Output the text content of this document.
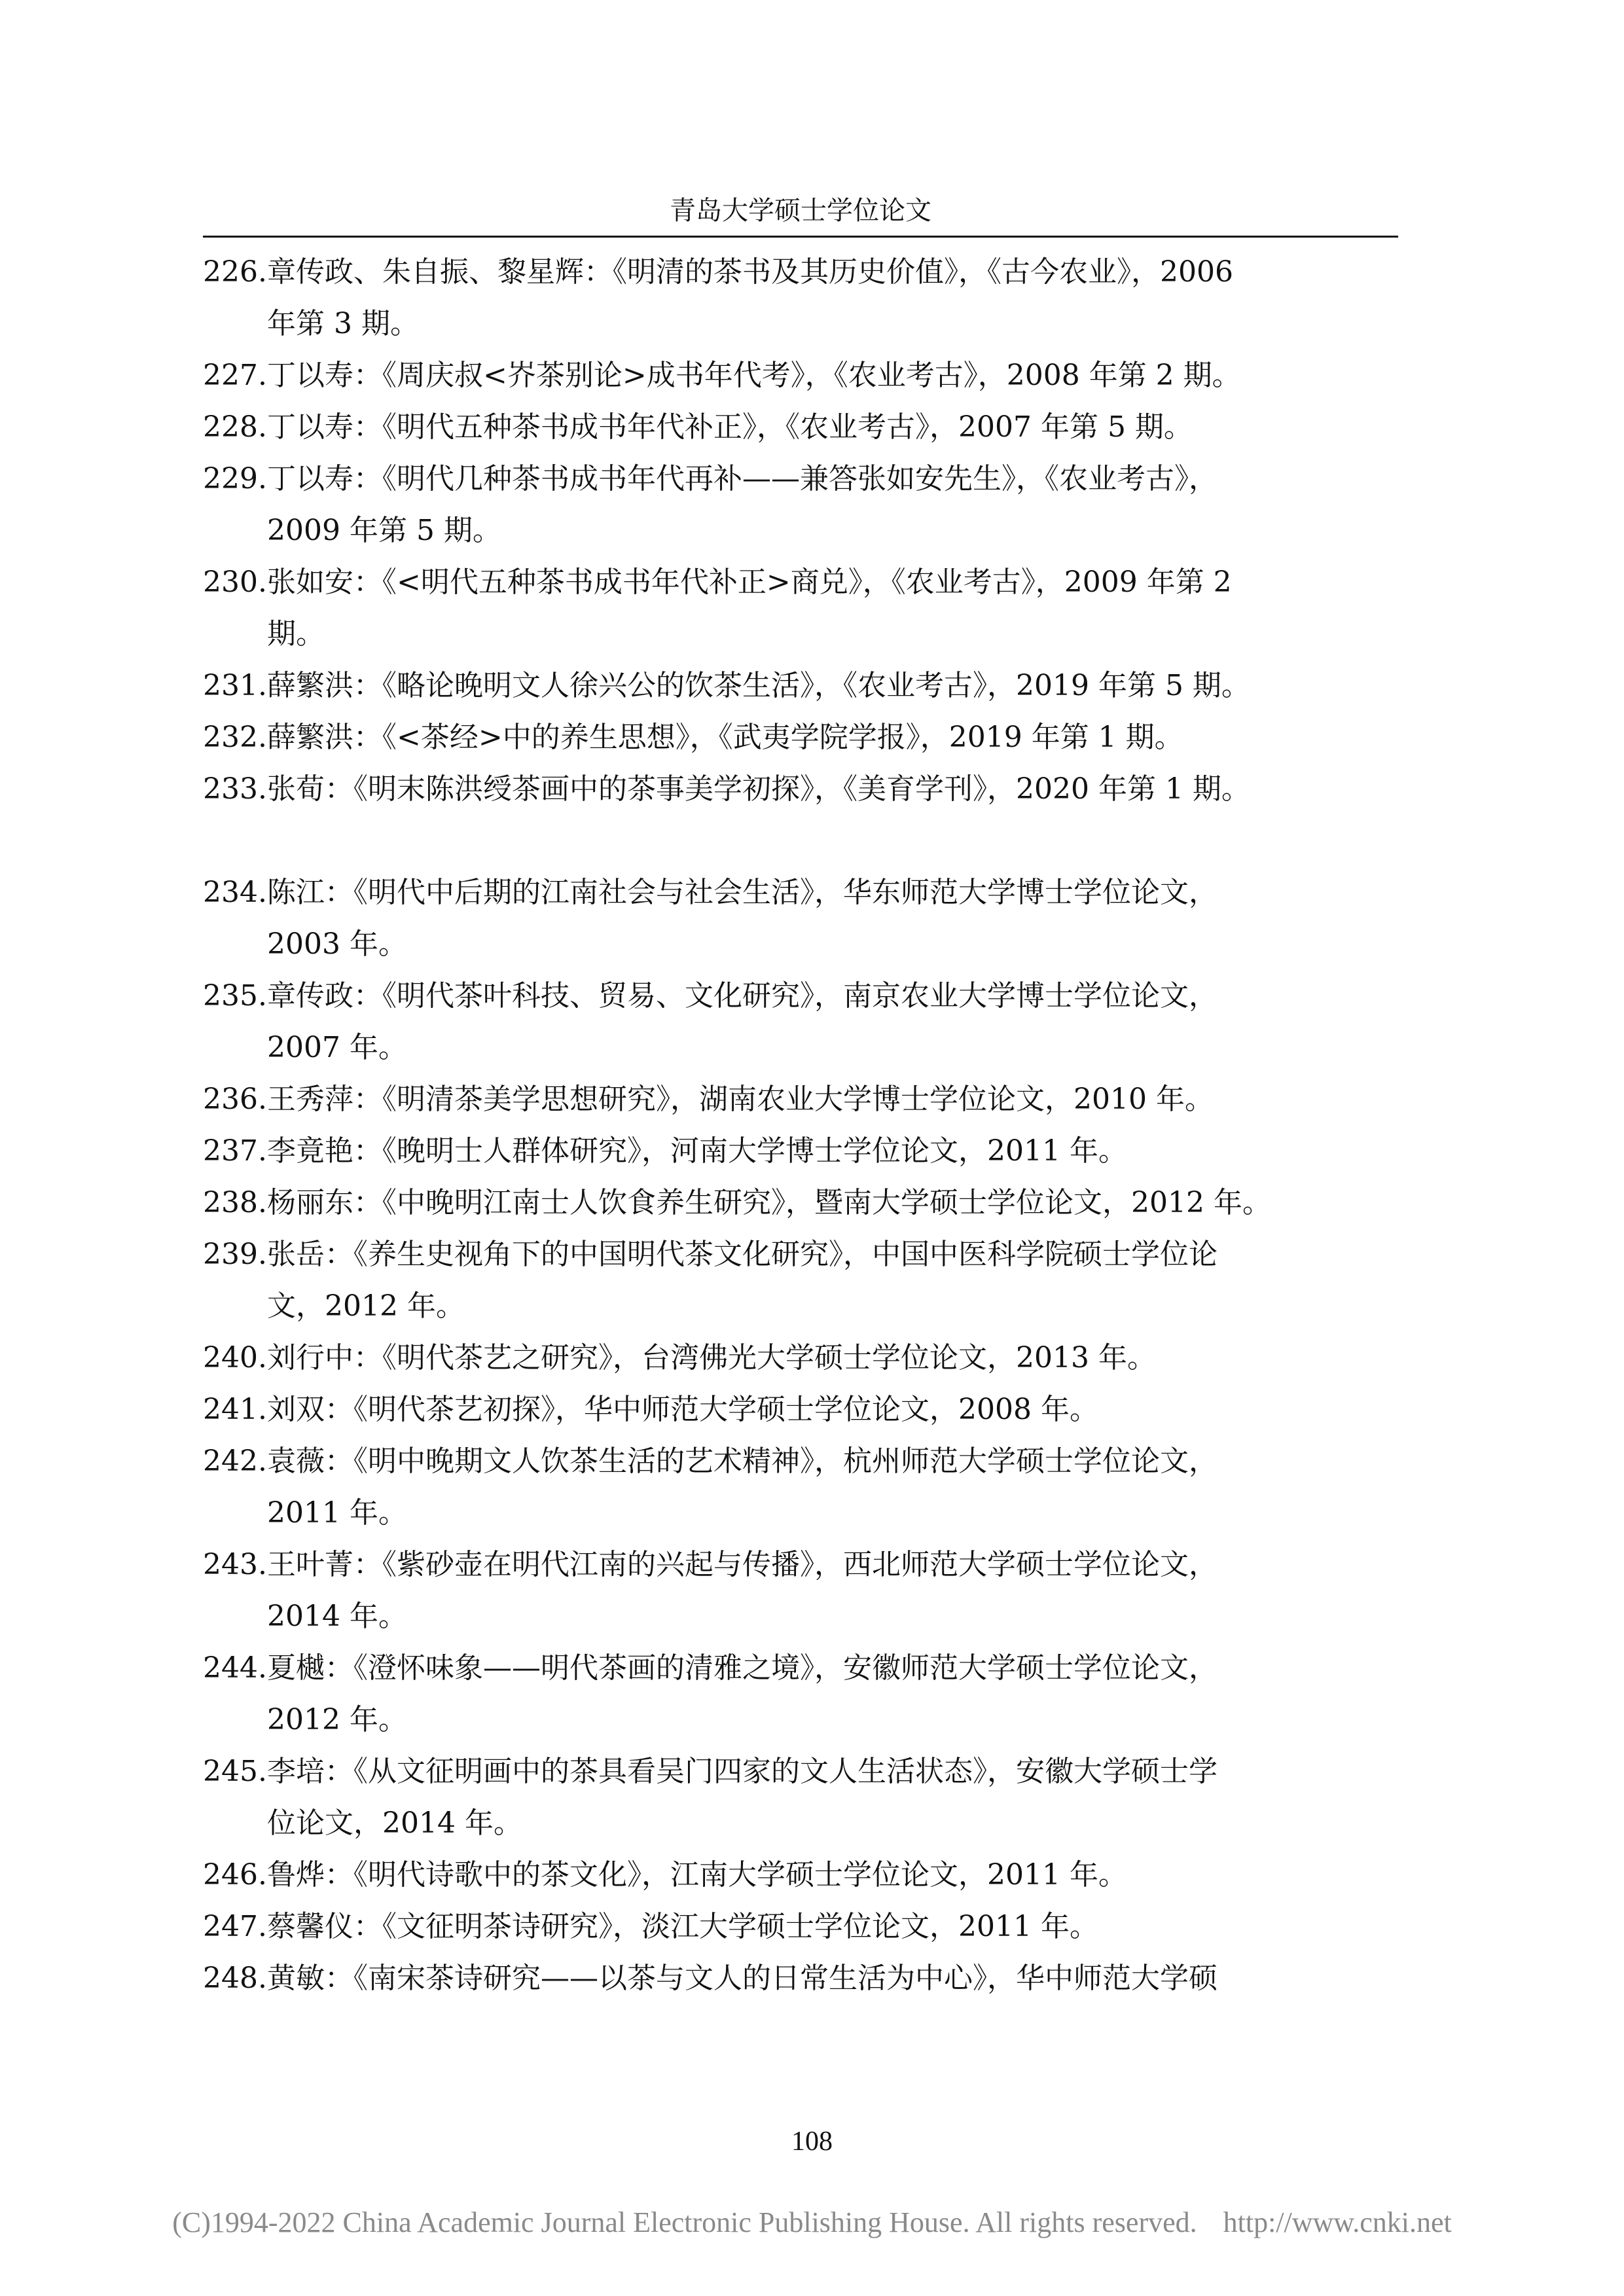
青岛大学硕士学位论文
226.章传政、朱自振、黎星辉：《明清的茶书及其历史价值》，《古今农业》，2006
年第 3 期。
227.丁以寿：《周庆叔<岕茶别论>成书年代考》，《农业考古》，2008 年第 2 期。
228.丁以寿：《明代五种茶书成书年代补正》，《农业考古》，2007 年第 5 期。
229.丁以寿：《明代几种茶书成书年代再补——兼答张如安先生》，《农业考古》，
2009 年第 5 期。
230.张如安：《<明代五种茶书成书年代补正>商兑》，《农业考古》，2009 年第 2
期。
231.薛繁洪：《略论晚明文人徐兴公的饮茶生活》，《农业考古》，2019 年第 5 期。
232.薛繁洪：《<茶经>中的养生思想》，《武夷学院学报》，2019 年第 1 期。
233.张荀：《明末陈洪绶茶画中的茶事美学初探》，《美育学刊》，2020 年第 1 期。
234.陈江：《明代中后期的江南社会与社会生活》，华东师范大学博士学位论文，
2003 年。
235.章传政：《明代茶叶科技、贸易、文化研究》，南京农业大学博士学位论文，
2007 年。
236.王秀萍：《明清茶美学思想研究》，湖南农业大学博士学位论文，2010 年。
237.李竟艳：《晚明士人群体研究》，河南大学博士学位论文，2011 年。
238.杨丽东：《中晚明江南士人饮食养生研究》，暨南大学硕士学位论文，2012 年。
239.张岳：《养生史视角下的中国明代茶文化研究》，中国中医科学院硕士学位论
文，2012 年。
240.刘行中：《明代茶艺之研究》，台湾佛光大学硕士学位论文，2013 年。
241.刘双：《明代茶艺初探》，华中师范大学硕士学位论文，2008 年。
242.袁薇：《明中晚期文人饮茶生活的艺术精神》，杭州师范大学硕士学位论文，
2011 年。
243.王叶菁：《紫砂壶在明代江南的兴起与传播》，西北师范大学硕士学位论文，
2014 年。
244.夏樾：《澄怀味象——明代茶画的清雅之境》，安徽师范大学硕士学位论文，
2012 年。
245.李培：《从文征明画中的茶具看吴门四家的文人生活状态》，安徽大学硕士学
位论文，2014 年。
246.鲁烨：《明代诗歌中的茶文化》，江南大学硕士学位论文，2011 年。
247.蔡馨仪：《文征明茶诗研究》，淡江大学硕士学位论文，2011 年。
248.黄敏：《南宋茶诗研究——以茶与文人的日常生活为中心》，华中师范大学硕
108
(C)1994-2022 China Academic Journal Electronic Publishing House. All rights reserved. http://www.cnki.net
